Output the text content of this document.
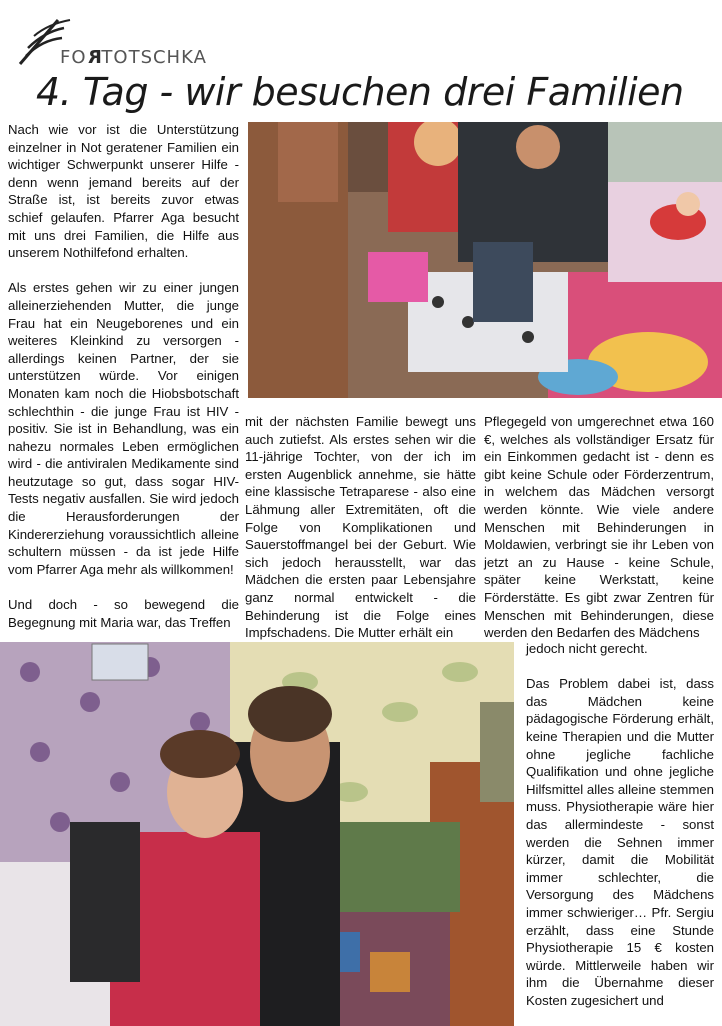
FORTOTSCHKA
4. Tag - wir besuchen drei Familien

Nach wie vor ist die Unterstützung einzelner in Not geratener Familien ein wichtiger Schwerpunkt unserer Hilfe - denn wenn jemand bereits auf der Straße ist, ist bereits zuvor etwas schief gelaufen. Pfarrer Aga besucht mit uns drei Familien, die Hilfe aus unserem Nothilfefond erhalten.

Als erstes gehen wir zu einer jungen alleinerziehenden Mutter, die junge Frau hat ein Neugeborenes und ein weiteres Kleinkind zu versorgen - allerdings keinen Partner, der sie unterstützen würde. Vor einigen Monaten kam noch die Hiobsbotschaft schlechthin - die junge Frau ist HIV - positiv. Sie ist in Behandlung, was ein nahezu normales Leben ermöglichen wird - die antiviralen Medikamente sind heutzutage so gut, dass sogar HIV-Tests negativ ausfallen. Sie wird jedoch die Herausforderungen der Kindererziehung voraussichtlich alleine schultern müssen - da ist jede Hilfe vom Pfarrer Aga mehr als willkommen!

Und doch - so bewegend die Begegnung mit Maria war, das Treffen

mit der nächsten Familie bewegt uns auch zutiefst. Als erstes sehen wir die 11-jährige Tochter, von der ich im ersten Augenblick annehme, sie hätte eine klassische Tetraparese - also eine Lähmung aller Extremitäten, oft die Folge von Komplikationen und Sauerstoffmangel bei der Geburt. Wie sich jedoch herausstellt, war das Mädchen die ersten paar Lebensjahre ganz normal entwickelt - die Behinderung ist die Folge eines Impfschadens. Die Mutter erhält ein

Pflegegeld von umgerechnet etwa 160 €, welches als vollständiger Ersatz für ein Einkommen gedacht ist - denn es gibt keine Schule oder Förderzentrum, in welchem das Mädchen versorgt werden könnte. Wie viele andere Menschen mit Behinderungen in Moldawien, verbringt sie ihr Leben von jetzt an zu Hause - keine Schule, später keine Werkstatt, keine Förderstätte. Es gibt zwar Zentren für Menschen mit Behinderungen, diese werden den Bedarfen des Mädchens

jedoch nicht gerecht.

Das Problem dabei ist, dass das Mädchen keine pädagogische Förderung erhält, keine Therapien und die Mutter ohne jegliche fachliche Qualifikation und ohne jegliche Hilfsmittel alles alleine stemmen muss. Physiotherapie wäre hier das allermindeste - sonst werden die Sehnen immer kürzer, damit die Mobilität immer schlechter, die Versorgung des Mädchens immer schwieriger… Pfr. Sergiu erzählt, dass eine Stunde Physiotherapie 15 € kosten würde. Mittlerweile haben wir ihm die Übernahme dieser Kosten zugesichert und
